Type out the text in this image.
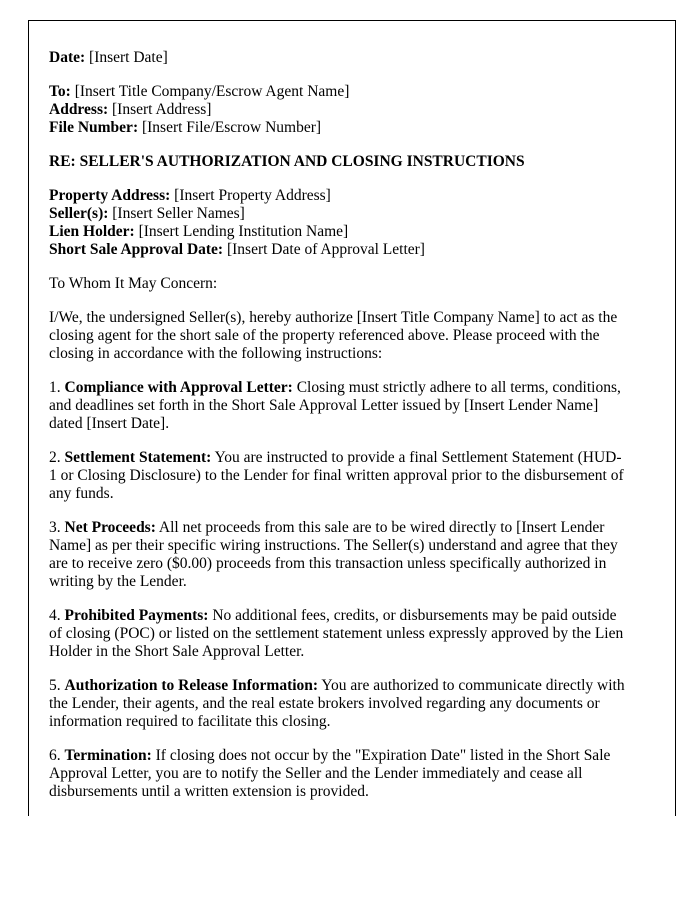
Date: [Insert Date]

To: [Insert Title Company/Escrow Agent Name]

Address: [Insert Address]

File Number: [Insert File/Escrow Number]

RE: SELLER'S AUTHORIZATION AND CLOSING INSTRUCTIONS

Property Address: [Insert Property Address]

Seller(s): [Insert Seller Names]

Lien Holder: [Insert Lending Institution Name]

Short Sale Approval Date: [Insert Date of Approval Letter]

To Whom It May Concern:

I/We, the undersigned Seller(s), hereby authorize [Insert Title Company Name] to act as the closing agent for the short sale of the property referenced above. Please proceed with the closing in accordance with the following instructions:

1. Compliance with Approval Letter: Closing must strictly adhere to all terms, conditions, and deadlines set forth in the Short Sale Approval Letter issued by [Insert Lender Name] dated [Insert Date].

2. Settlement Statement: You are instructed to provide a final Settlement Statement (HUD-1 or Closing Disclosure) to the Lender for final written approval prior to the disbursement of any funds.

3. Net Proceeds: All net proceeds from this sale are to be wired directly to [Insert Lender Name] as per their specific wiring instructions. The Seller(s) understand and agree that they are to receive zero ($0.00) proceeds from this transaction unless specifically authorized in writing by the Lender.

4. Prohibited Payments: No additional fees, credits, or disbursements may be paid outside of closing (POC) or listed on the settlement statement unless expressly approved by the Lien Holder in the Short Sale Approval Letter.

5. Authorization to Release Information: You are authorized to communicate directly with the Lender, their agents, and the real estate brokers involved regarding any documents or information required to facilitate this closing.

6. Termination: If closing does not occur by the "Expiration Date" listed in the Short Sale Approval Letter, you are to notify the Seller and the Lender immediately and cease all disbursements until a written extension is provided.
